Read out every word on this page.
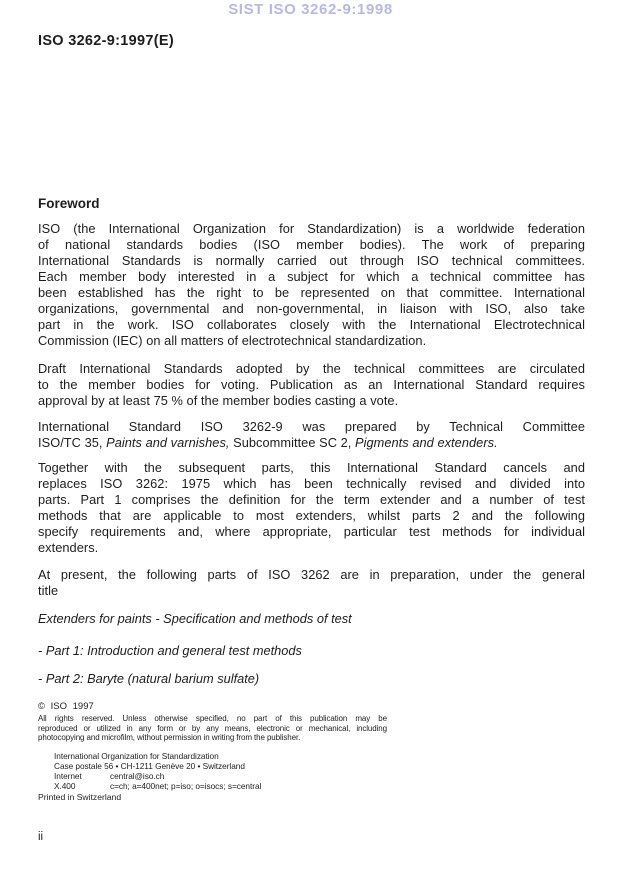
SIST ISO 3262-9:1998
ISO 3262-9:1997(E)
Foreword
ISO (the International Organization for Standardization) is a worldwide federation
of national standards bodies (ISO member bodies). The work of preparing
International Standards is normally carried out through ISO technical committees.
Each member body interested in a subject for which a technical committee has
been established has the right to be represented on that committee. International
organizations, governmental and non-governmental, in liaison with ISO, also take
part in the work. ISO collaborates closely with the International Electrotechnical
Commission (IEC) on all matters of electrotechnical standardization.
Draft International Standards adopted by the technical committees are circulated
to the member bodies for voting. Publication as an International Standard requires
approval by at least 75 % of the member bodies casting a vote.
International Standard ISO 3262-9 was prepared by Technical Committee
ISO/TC 35, Paints and varnishes, Subcommittee SC 2, Pigments and extenders.
Together with the subsequent parts, this International Standard cancels and
replaces ISO 3262: 1975 which has been technically revised and divided into
parts. Part 1 comprises the definition for the term extender and a number of test
methods that are applicable to most extenders, whilst parts 2 and the following
specify requirements and, where appropriate, particular test methods for individual
extenders.
At present, the following parts of ISO 3262 are in preparation, under the general
title
Extenders for paints - Specification and methods of test
- Part 1: Introduction and general test methods
- Part 2: Baryte (natural barium sulfate)
© ISO 1997
All rights reserved. Unless otherwise specified, no part of this publication may be
reproduced or utilized in any form or by any means, electronic or mechanical, including
photocopying and microfilm, without permission in writing from the publisher.
International Organization for Standardization
Case postale 56 • CH-1211 Genève 20 • Switzerland
Internet	central@iso.ch
X.400	c=ch; a=400net; p=iso; o=isocs; s=central
Printed in Switzerland
ii
